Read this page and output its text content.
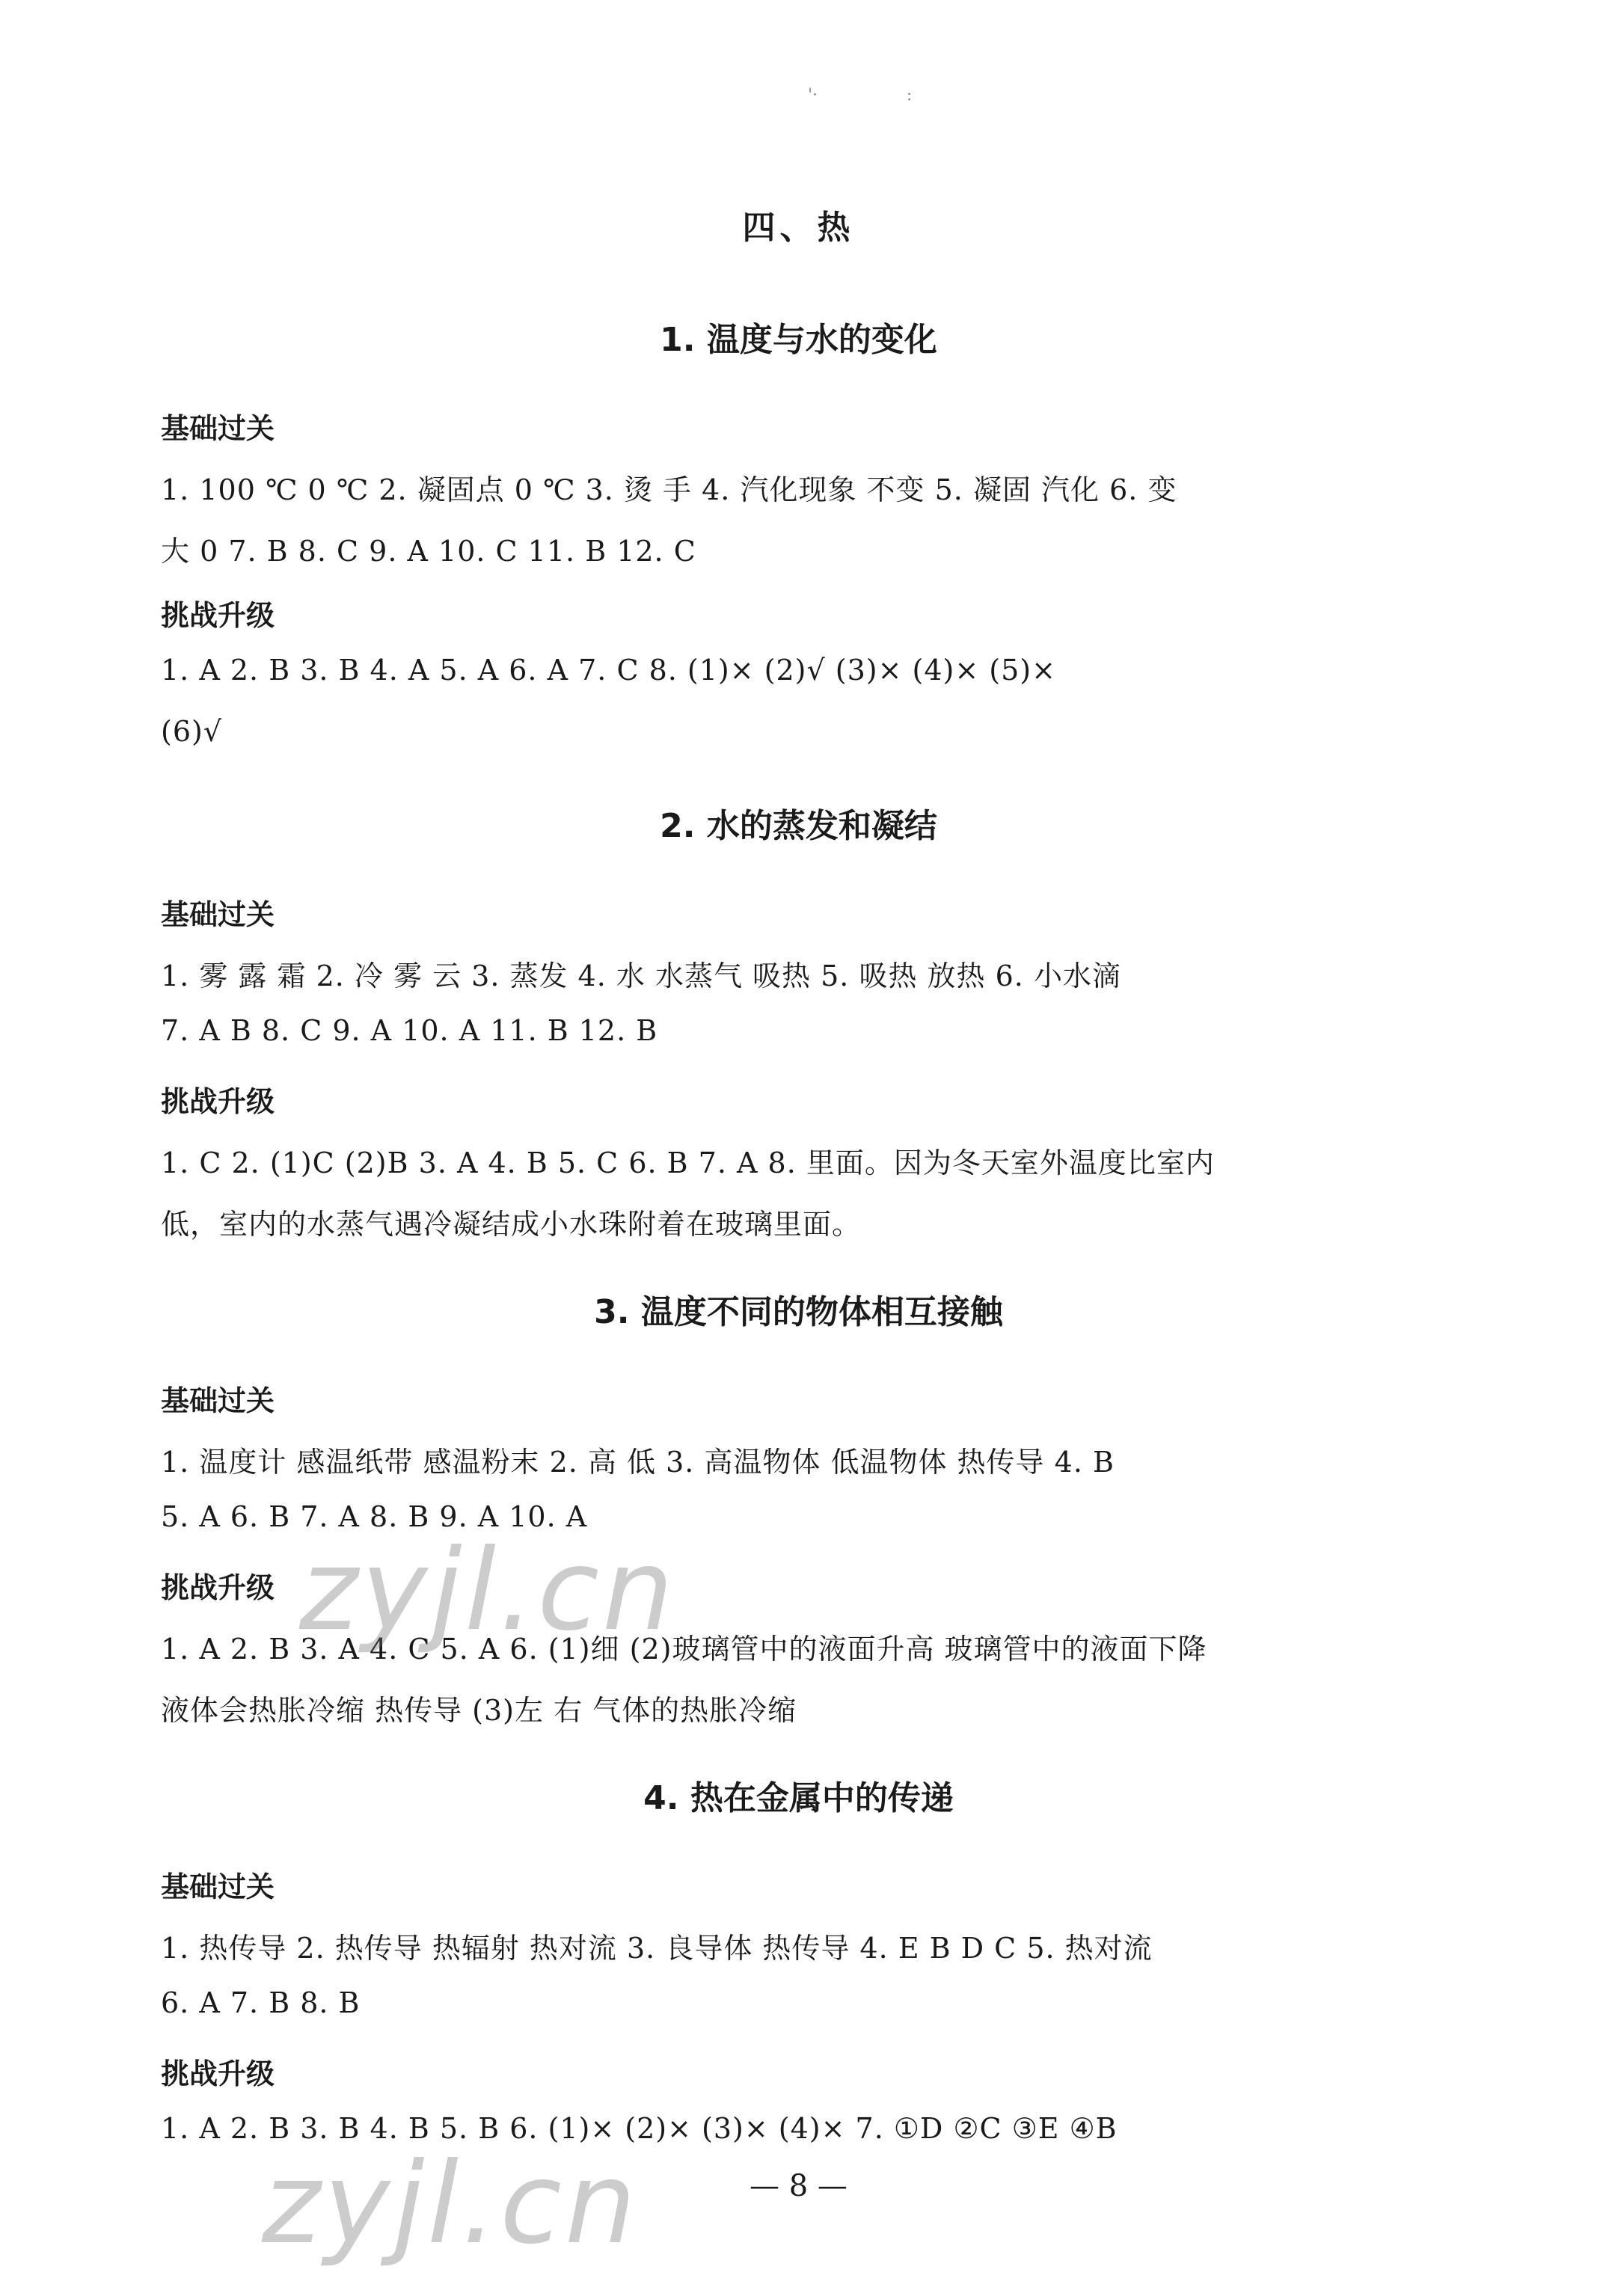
'·                 :
四、热
1. 温度与水的变化
基础过关
1. 100 ℃ 0 ℃ 2. 凝固点 0 ℃ 3. 烫 手 4. 汽化现象 不变 5. 凝固 汽化 6. 变
大 0 7. B 8. C 9. A 10. C 11. B 12. C
挑战升级
1. A 2. B 3. B 4. A 5. A 6. A 7. C 8. (1)× (2)√ (3)× (4)× (5)×
(6)√
2. 水的蒸发和凝结
基础过关
1. 雾 露 霜 2. 冷 雾 云 3. 蒸发 4. 水 水蒸气 吸热 5. 吸热 放热 6. 小水滴
7. A B 8. C 9. A 10. A 11. B 12. B
挑战升级
1. C 2. (1)C (2)B 3. A 4. B 5. C 6. B 7. A 8. 里面。因为冬天室外温度比室内
低，室内的水蒸气遇冷凝结成小水珠附着在玻璃里面。
3. 温度不同的物体相互接触
基础过关
1. 温度计 感温纸带 感温粉末 2. 高 低 3. 高温物体 低温物体 热传导 4. B
5. A 6. B 7. A 8. B 9. A 10. A
挑战升级
1. A 2. B 3. A 4. C 5. A 6. (1)细 (2)玻璃管中的液面升高 玻璃管中的液面下降
液体会热胀冷缩 热传导 (3)左 右 气体的热胀冷缩
4. 热在金属中的传递
基础过关
1. 热传导 2. 热传导 热辐射 热对流 3. 良导体 热传导 4. E B D C 5. 热对流
6. A 7. B 8. B
挑战升级
1. A 2. B 3. B 4. B 5. B 6. (1)× (2)× (3)× (4)× 7. ①D ②C ③E ④B
— 8 —
zyjl.cn
zyjl.cn
